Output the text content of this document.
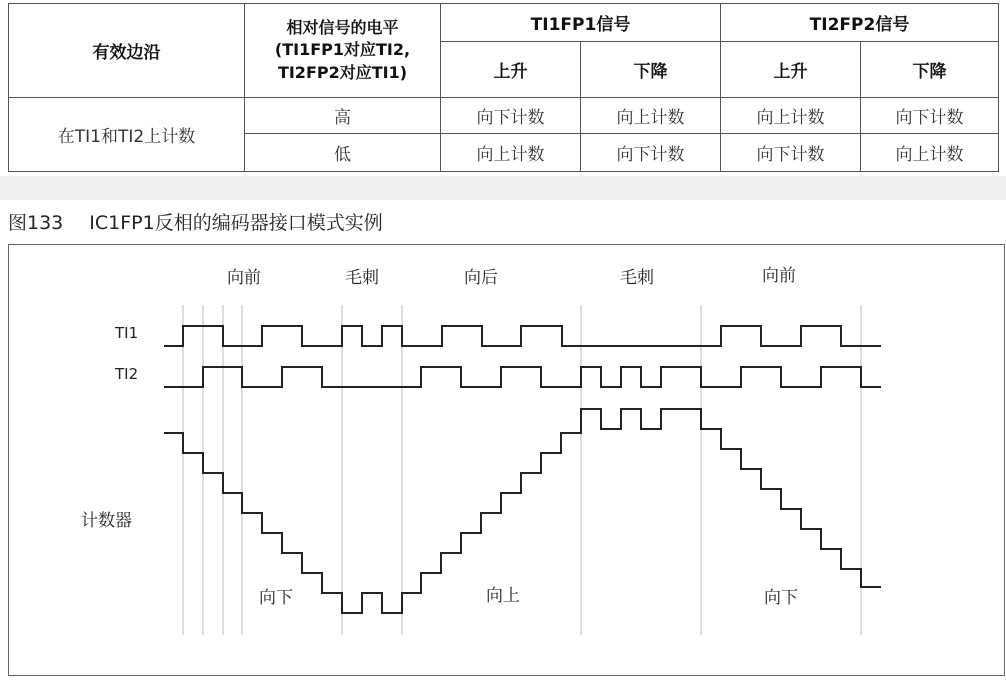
有效边沿	相对信号的电平
(TI1FP1对应TI2,
TI2FP2对应TI1)	TI1FP1信号		TI2FP2信号	
		上升	下降	上升	下降
在TI1和TI2上计数	高	向下计数	向上计数	向上计数	向下计数
	低	向上计数	向下计数	向下计数	向上计数
图133 IC1FP1反相的编码器接口模式实例
向前	毛刺	向后	毛刺	向前
TI1
TI2
计数器
向下	向上	向下
